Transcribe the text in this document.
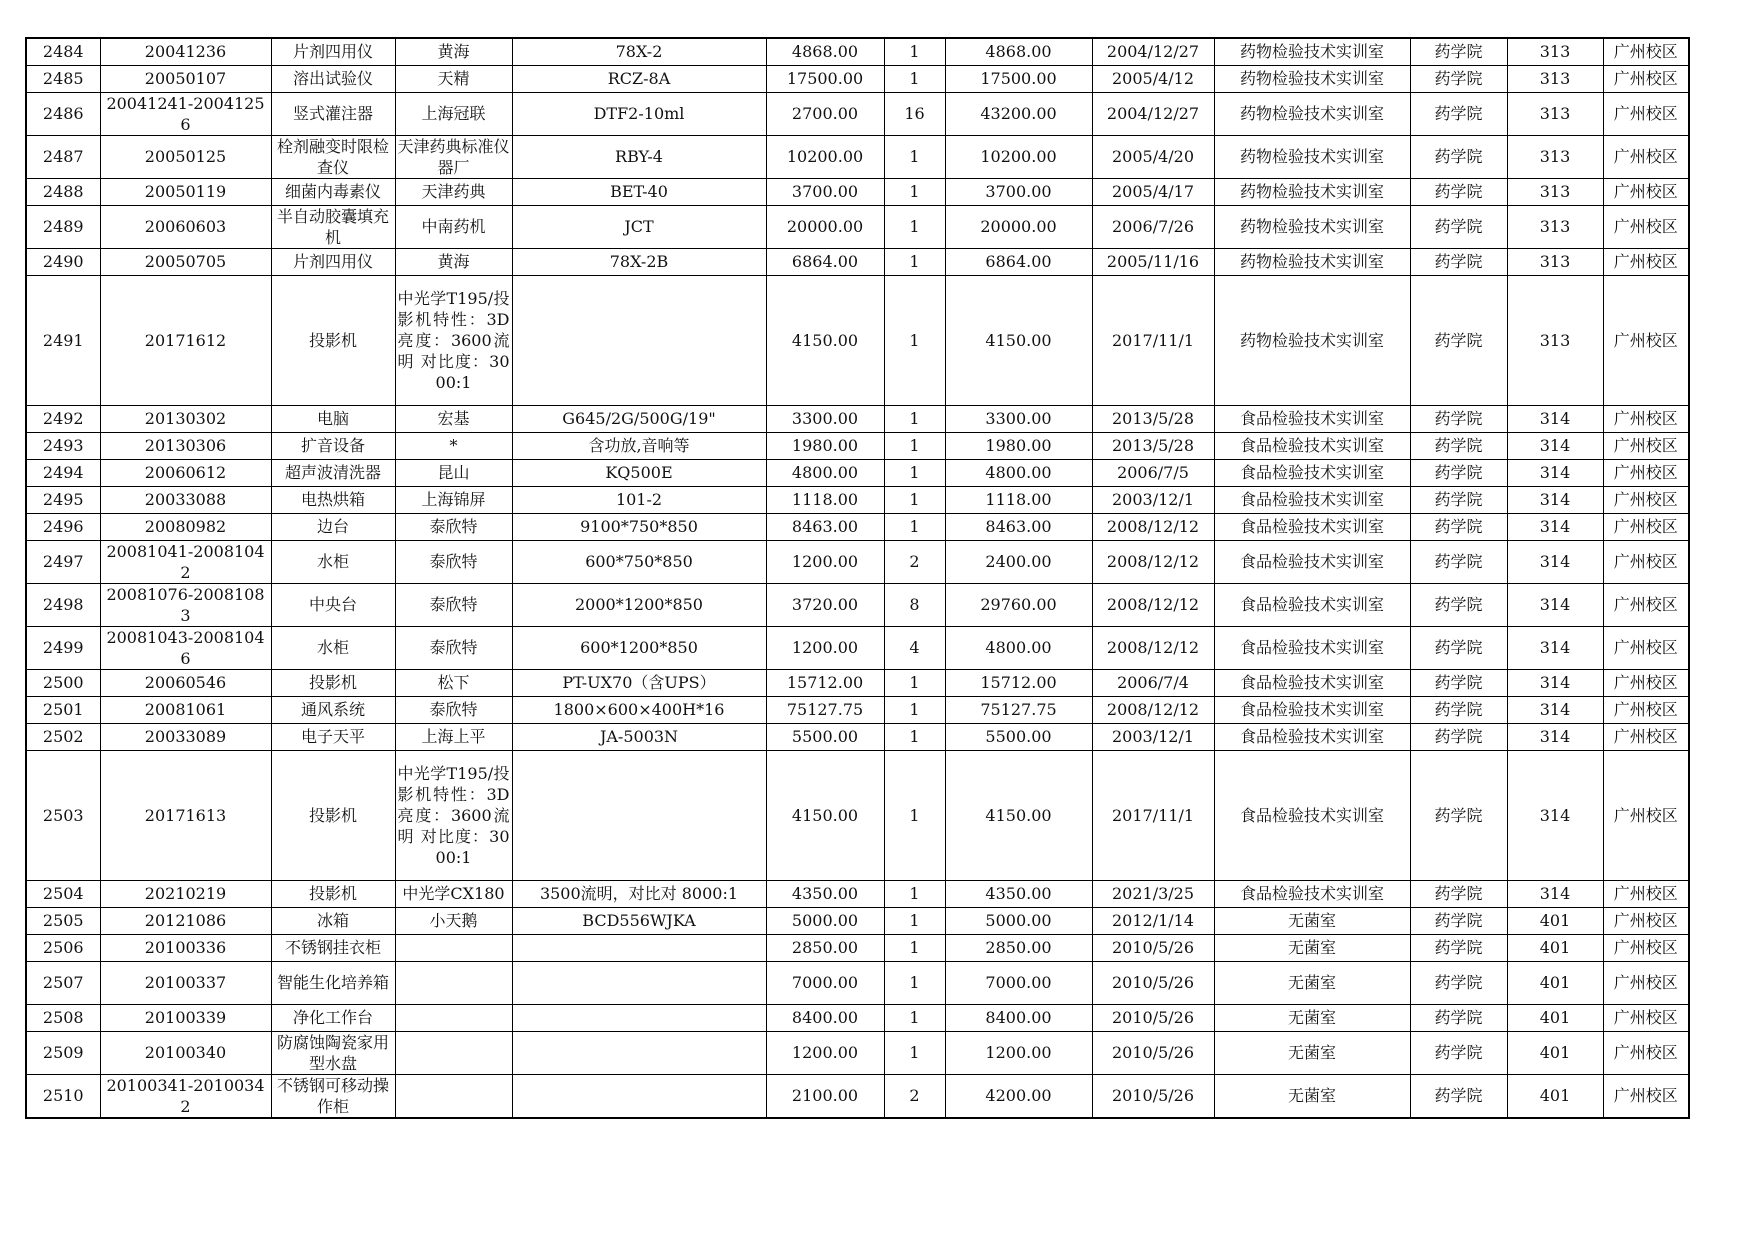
2484	20041236	片剂四用仪	黄海	78X-2	4868.00	1	4868.00	2004/12/27	药物检验技术实训室	药学院	313	广州校区
2485	20050107	溶出试验仪	天精	RCZ-8A	17500.00	1	17500.00	2005/4/12	药物检验技术实训室	药学院	313	广州校区
2486	20041241-20041256	竖式灌注器	上海冠联	DTF2-10ml	2700.00	16	43200.00	2004/12/27	药物检验技术实训室	药学院	313	广州校区
2487	20050125	栓剂融变时限检查仪	天津药典标准仪器厂	RBY-4	10200.00	1	10200.00	2005/4/20	药物检验技术实训室	药学院	313	广州校区
2488	20050119	细菌内毒素仪	天津药典	BET-40	3700.00	1	3700.00	2005/4/17	药物检验技术实训室	药学院	313	广州校区
2489	20060603	半自动胶囊填充机	中南药机	JCT	20000.00	1	20000.00	2006/7/26	药物检验技术实训室	药学院	313	广州校区
2490	20050705	片剂四用仪	黄海	78X-2B	6864.00	1	6864.00	2005/11/16	药物检验技术实训室	药学院	313	广州校区
2491	20171612	投影机	中光学T195/投影机特性：3D 亮度：3600流明 对比度：3000:1		4150.00	1	4150.00	2017/11/1	药物检验技术实训室	药学院	313	广州校区
2492	20130302	电脑	宏基	G645/2G/500G/19"	3300.00	1	3300.00	2013/5/28	食品检验技术实训室	药学院	314	广州校区
2493	20130306	扩音设备	*	含功放,音响等	1980.00	1	1980.00	2013/5/28	食品检验技术实训室	药学院	314	广州校区
2494	20060612	超声波清洗器	昆山	KQ500E	4800.00	1	4800.00	2006/7/5	食品检验技术实训室	药学院	314	广州校区
2495	20033088	电热烘箱	上海锦屏	101-2	1118.00	1	1118.00	2003/12/1	食品检验技术实训室	药学院	314	广州校区
2496	20080982	边台	泰欣特	9100*750*850	8463.00	1	8463.00	2008/12/12	食品检验技术实训室	药学院	314	广州校区
2497	20081041-20081042	水柜	泰欣特	600*750*850	1200.00	2	2400.00	2008/12/12	食品检验技术实训室	药学院	314	广州校区
2498	20081076-20081083	中央台	泰欣特	2000*1200*850	3720.00	8	29760.00	2008/12/12	食品检验技术实训室	药学院	314	广州校区
2499	20081043-20081046	水柜	泰欣特	600*1200*850	1200.00	4	4800.00	2008/12/12	食品检验技术实训室	药学院	314	广州校区
2500	20060546	投影机	松下	PT-UX70（含UPS）	15712.00	1	15712.00	2006/7/4	食品检验技术实训室	药学院	314	广州校区
2501	20081061	通风系统	泰欣特	1800×600×400H*16	75127.75	1	75127.75	2008/12/12	食品检验技术实训室	药学院	314	广州校区
2502	20033089	电子天平	上海上平	JA-5003N	5500.00	1	5500.00	2003/12/1	食品检验技术实训室	药学院	314	广州校区
2503	20171613	投影机	中光学T195/投影机特性：3D 亮度：3600流明 对比度：3000:1		4150.00	1	4150.00	2017/11/1	食品检验技术实训室	药学院	314	广州校区
2504	20210219	投影机	中光学CX180	3500流明，对比对 8000:1	4350.00	1	4350.00	2021/3/25	食品检验技术实训室	药学院	314	广州校区
2505	20121086	冰箱	小天鹅	BCD556WJKA	5000.00	1	5000.00	2012/1/14	无菌室	药学院	401	广州校区
2506	20100336	不锈钢挂衣柜			2850.00	1	2850.00	2010/5/26	无菌室	药学院	401	广州校区
2507	20100337	智能生化培养箱			7000.00	1	7000.00	2010/5/26	无菌室	药学院	401	广州校区
2508	20100339	净化工作台			8400.00	1	8400.00	2010/5/26	无菌室	药学院	401	广州校区
2509	20100340	防腐蚀陶瓷家用型水盘			1200.00	1	1200.00	2010/5/26	无菌室	药学院	401	广州校区
2510	20100341-20100342	不锈钢可移动操作柜			2100.00	2	4200.00	2010/5/26	无菌室	药学院	401	广州校区
